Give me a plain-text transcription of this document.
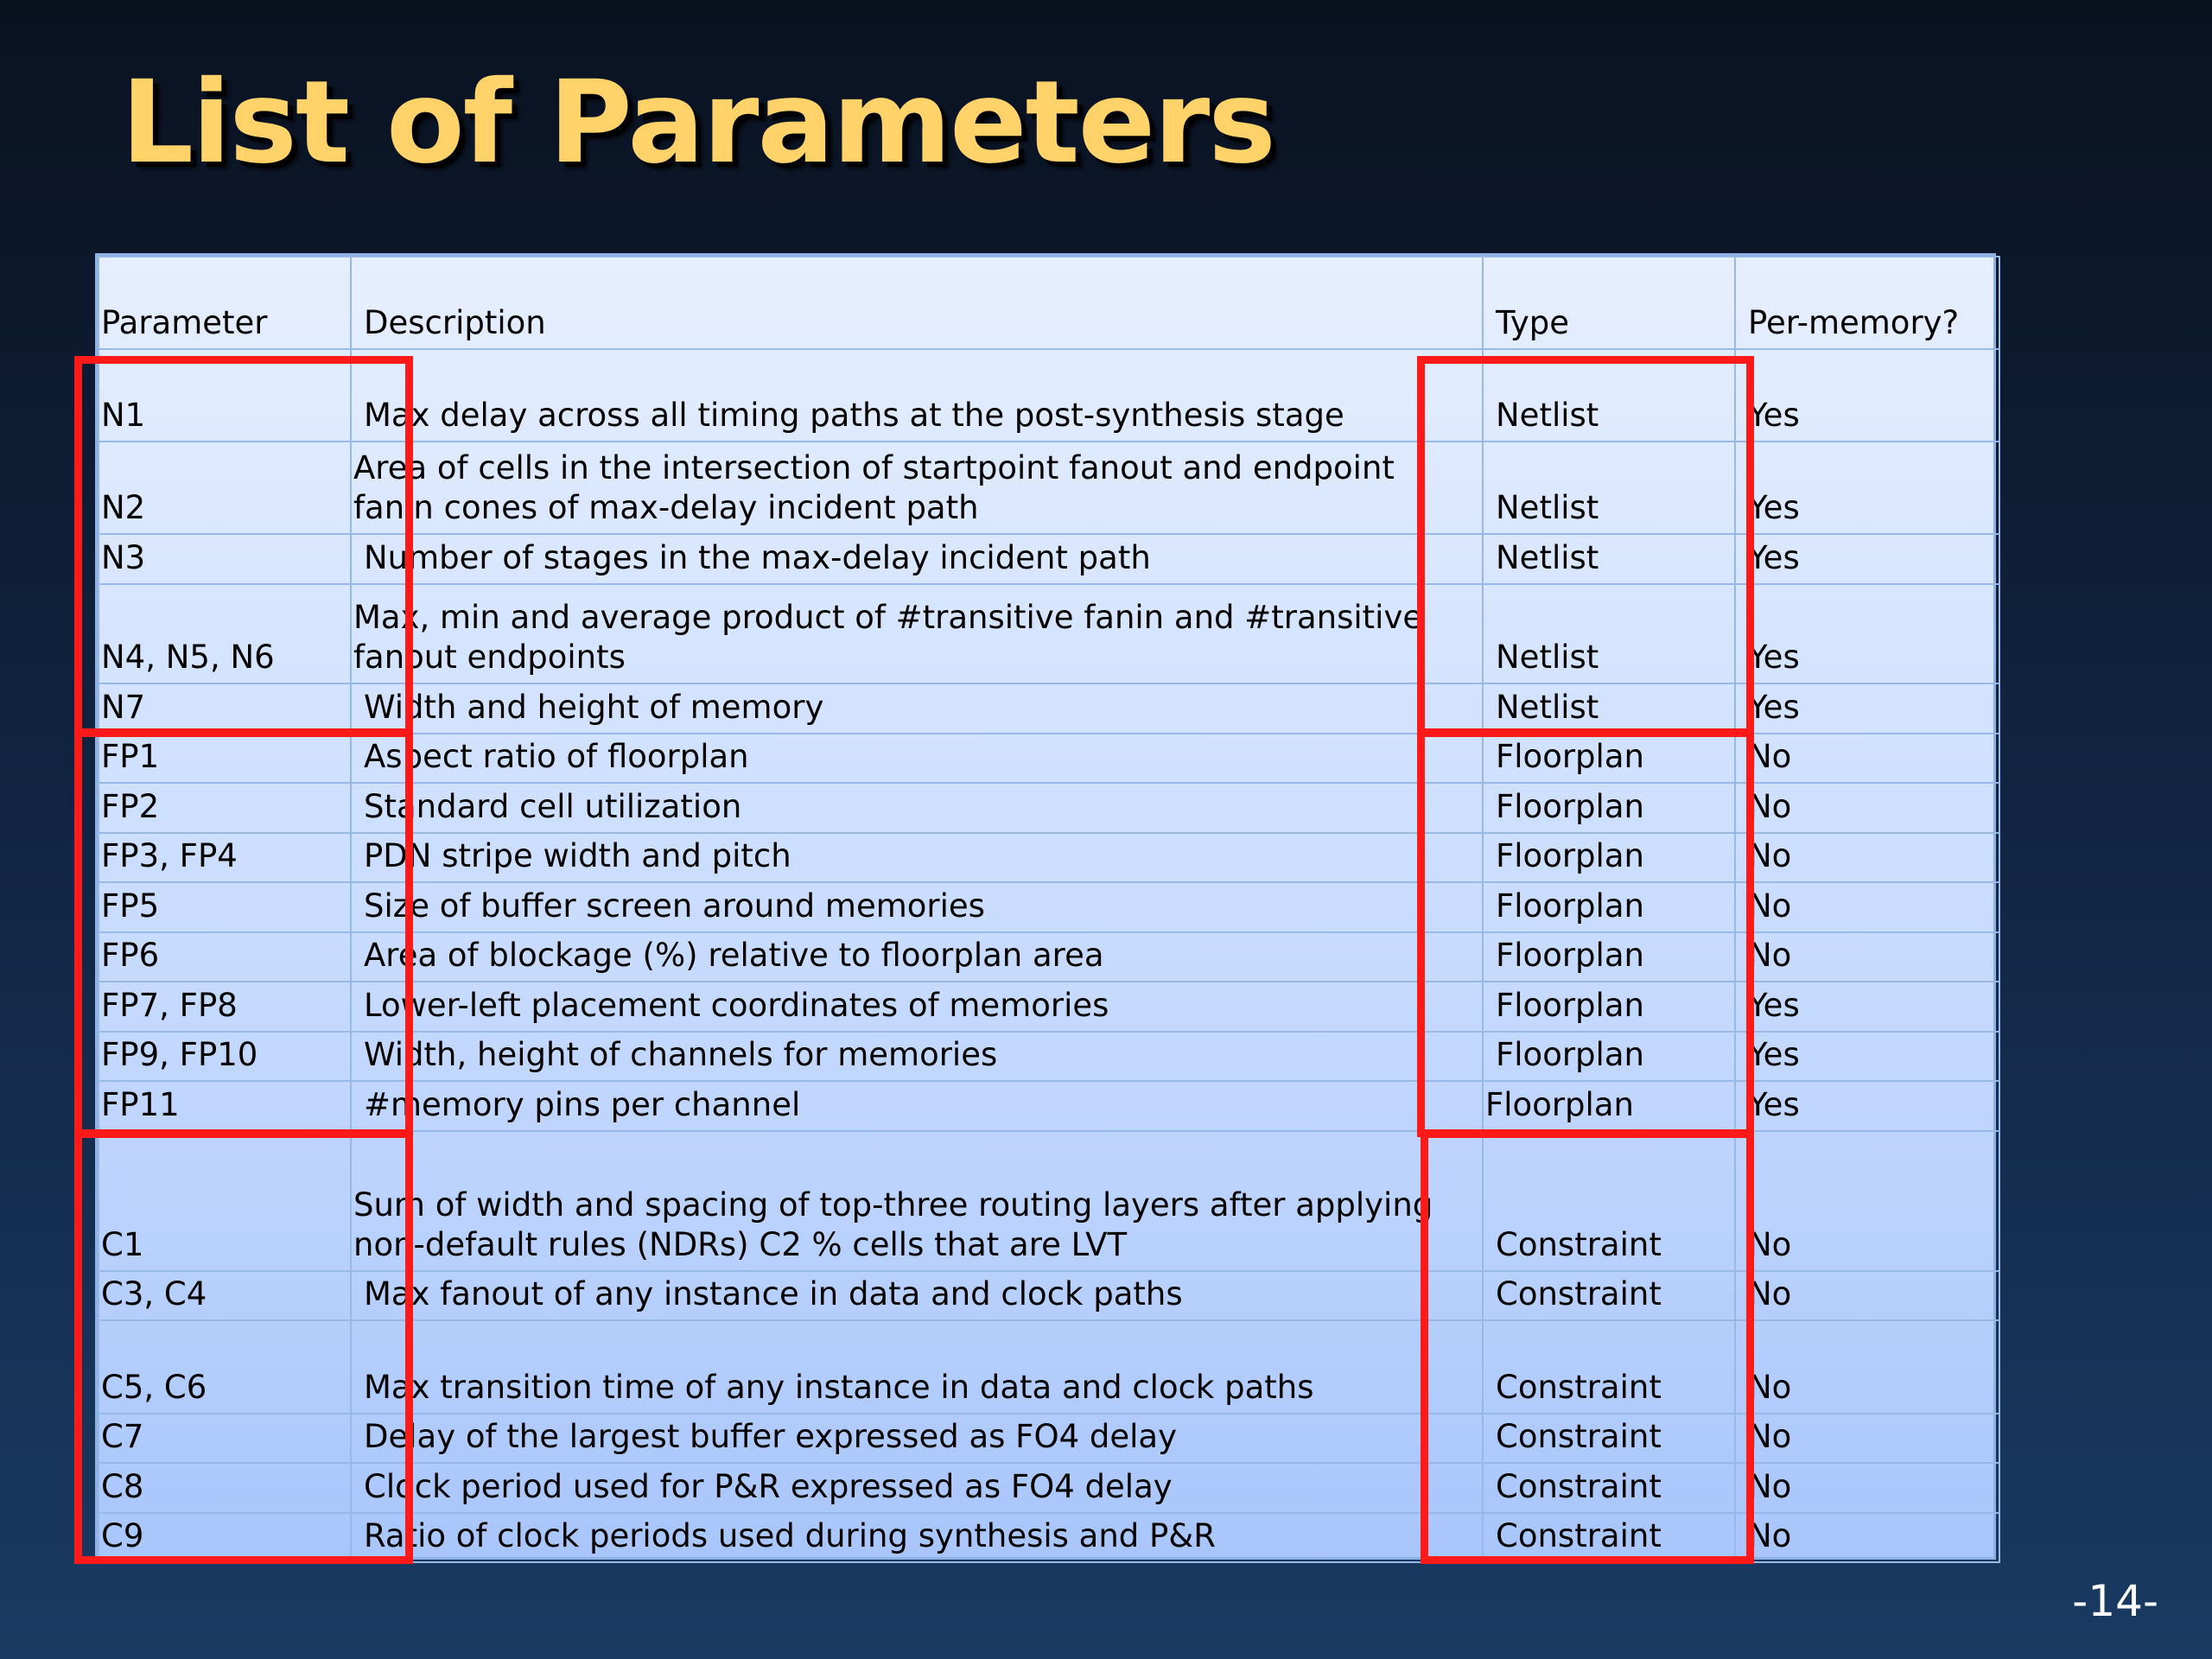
List of Parameters
Parameter	Description	Type	Per-memory?
N1	Max delay across all timing paths at the post-synthesis stage	Netlist	Yes
N2	Area of cells in the intersection of startpoint fanout and endpoint fanin cones of max-delay incident path	Netlist	Yes
N3	Number of stages in the max-delay incident path	Netlist	Yes
N4, N5, N6	Max, min and average product of #transitive fanin and #transitive fanout endpoints	Netlist	Yes
N7	Width and height of memory	Netlist	Yes
FP1	Aspect ratio of floorplan	Floorplan	No
FP2	Standard cell utilization	Floorplan	No
FP3, FP4	PDN stripe width and pitch	Floorplan	No
FP5	Size of buffer screen around memories	Floorplan	No
FP6	Area of blockage (%) relative to floorplan area	Floorplan	No
FP7, FP8	Lower-left placement coordinates of memories	Floorplan	Yes
FP9, FP10	Width, height of channels for memories	Floorplan	Yes
FP11	#memory pins per channel	Floorplan	Yes
C1	Sum of width and spacing of top-three routing layers after applying non-default rules (NDRs) C2 % cells that are LVT	Constraint	No
C3, C4	Max fanout of any instance in data and clock paths	Constraint	No
C5, C6	Max transition time of any instance in data and clock paths	Constraint	No
C7	Delay of the largest buffer expressed as FO4 delay	Constraint	No
C8	Clock period used for P&R expressed as FO4 delay	Constraint	No
C9	Ratio of clock periods used during synthesis and P&R	Constraint	No
-14-
